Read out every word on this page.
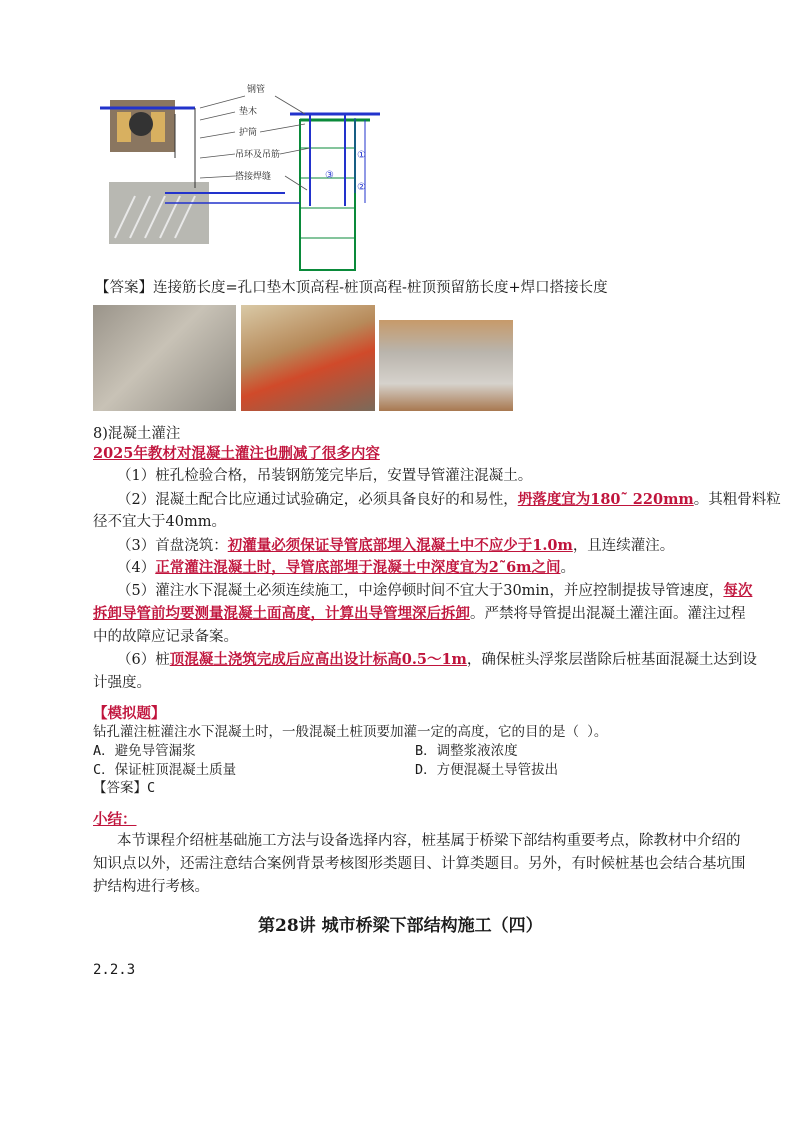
钢管
垫木
护筒
吊环及吊筋
搭接焊缝
①
②
③
【答案】连接筋长度=孔口垫木顶高程-桩顶高程-桩顶预留筋长度+焊口搭接长度
8)混凝土灌注
2025年教材对混凝土灌注也删减了很多内容
（1）桩孔检验合格，吊装钢筋笼完毕后，安置导管灌注混凝土。
（2）混凝土配合比应通过试验确定，必须具备良好的和易性，坍落度宜为180˜ 220mm。其粗骨料粒
径不宜大于40mm。
（3）首盘浇筑：初灌量必须保证导管底部埋入混凝土中不应少于1.0m，且连续灌注。
（4）正常灌注混凝土时，导管底部埋于混凝土中深度宜为2˜6m之间。
（5）灌注水下混凝土必须连续施工，中途停顿时间不宜大于30min，并应控制提拔导管速度，每次
拆卸导管前均要测量混凝土面高度，计算出导管埋深后拆卸。严禁将导管提出混凝土灌注面。灌注过程
中的故障应记录备案。
（6）桩顶混凝土浇筑完成后应高出设计标高0.5～1m，确保桩头浮浆层凿除后桩基面混凝土达到设
计强度。
【模拟题】
钻孔灌注桩灌注水下混凝土时，一般混凝土桩顶要加灌一定的高度，它的目的是（ ）。
A．避免导管漏浆	B．调整浆液浓度
C．保证桩顶混凝土质量	D．方便混凝土导管拔出
【答案】C
小结：
本节课程介绍桩基础施工方法与设备选择内容，桩基属于桥梁下部结构重要考点，除教材中介绍的
知识点以外，还需注意结合案例背景考核图形类题目、计算类题目。另外，有时候桩基也会结合基坑围
护结构进行考核。
第28讲 城市桥梁下部结构施工（四）
2.2.3
